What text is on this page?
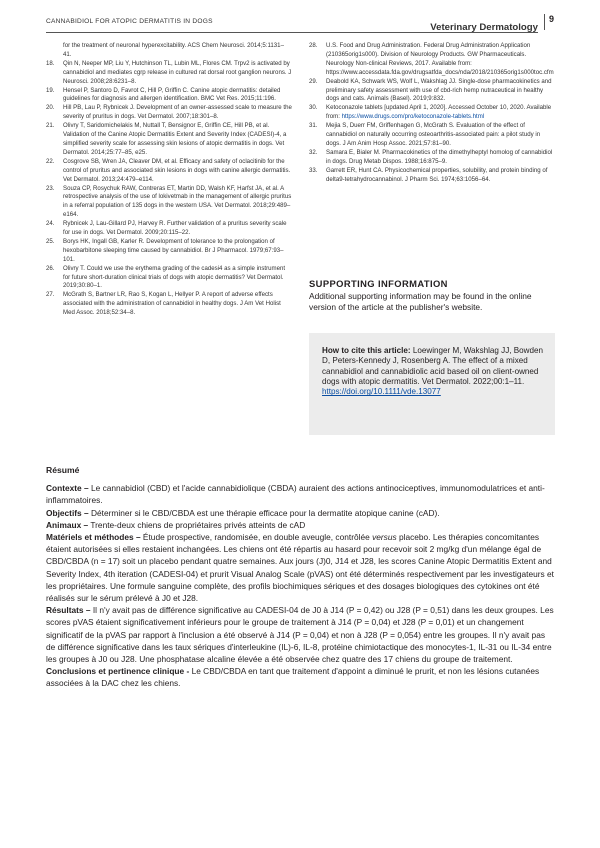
CANNABIDIOL FOR ATOPIC DERMATITIS IN DOGS
Veterinary Dermatology
9
for the treatment of neuronal hyperexcitability. ACS Chem Neurosci. 2014;5:1131–41.
18. Qin N, Neeper MP, Liu Y, Hutchinson TL, Lubin ML, Flores CM. Trpv2 is activated by cannabidiol and mediates cgrp release in cultured rat dorsal root ganglion neurons. J Neurosci. 2008;28:6231–8.
19. Hensel P, Santoro D, Favrot C, Hill P, Griffin C. Canine atopic dermatitis: detailed guidelines for diagnosis and allergen identification. BMC Vet Res. 2015;11:196.
20. Hill PB, Lau P, Rybnicek J. Development of an owner-assessed scale to measure the severity of pruritus in dogs. Vet Dermatol. 2007;18:301–8.
21. Olivry T, Saridomichelakis M, Nuttall T, Bensignor E, Griffin CE, Hill PB, et al. Validation of the Canine Atopic Dermatitis Extent and Severity Index (CADESI)-4, a simplified severity scale for assessing skin lesions of atopic dermatitis in dogs. Vet Dermatol. 2014;25:77–85, e25.
22. Cosgrove SB, Wren JA, Cleaver DM, et al. Efficacy and safety of oclacitinib for the control of pruritus and associated skin lesions in dogs with canine allergic dermatitis. Vet Dermatol. 2013;24:479–e114.
23. Souza CP, Rosychuk RAW, Contreras ET, Martin DD, Walsh KF, Harfst JA, et al. A retrospective analysis of the use of lokivetmab in the management of allergic pruritus in a referral population of 135 dogs in the western USA. Vet Dermatol. 2018;29:489–e164.
24. Rybnicek J, Lau-Gillard PJ, Harvey R. Further validation of a pruritus severity scale for use in dogs. Vet Dermatol. 2009;20:115–22.
25. Borys HK, Ingall GB, Karler R. Development of tolerance to the prolongation of hexobarbitone sleeping time caused by cannabidiol. Br J Pharmacol. 1979;67:93–101.
26. Olivry T. Could we use the erythema grading of the cadesi4 as a simple instrument for future short-duration clinical trials of dogs with atopic dermatitis? Vet Dermatol. 2019;30:80–1.
27. McGrath S, Bartner LR, Rao S, Kogan L, Hellyer P. A report of adverse effects associated with the administration of cannabidiol in healthy dogs. J Am Vet Holist Med Assoc. 2018;52:34–8.
28. U.S. Food and Drug Administration. Federal Drug Administration Application (210365orig1s000). Division of Neurology Products. GW Pharmaceuticals. Neurology Non-clinical Reviews, 2017. Available from: https://www.accessdata.fda.gov/drugsatfda_docs/nda/2018/210365orig1s000toc.cfm
29. Deabold KA, Schwark WS, Wolf L, Wakshlag JJ. Single-dose pharmacokinetics and preliminary safety assessment with use of cbd-rich hemp nutraceutical in healthy dogs and cats. Animals (Basel). 2019;9:832.
30. Ketoconazole tablets [updated April 1, 2020]. Accessed October 10, 2020. Available from: https://www.drugs.com/pro/ketoconazole-tablets.html
31. Mejia S, Duerr FM, Griffenhagen G, McGrath S. Evaluation of the effect of cannabidiol on naturally occurring osteoarthritis-associated pain: a pilot study in dogs. J Am Anim Hosp Assoc. 2021;57:81–90.
32. Samara E, Bialer M. Pharmacokinetics of the dimethylheptyl homolog of cannabidiol in dogs. Drug Metab Dispos. 1988;16:875–9.
33. Garrett ER, Hunt CA. Physicochemical properties, solubility, and protein binding of delta9-tetrahydrocannabinol. J Pharm Sci. 1974;63:1056–64.
SUPPORTING INFORMATION
Additional supporting information may be found in the online version of the article at the publisher's website.
How to cite this article: Loewinger M, Wakshlag JJ, Bowden D, Peters-Kennedy J, Rosenberg A. The effect of a mixed cannabidiol and cannabidiolic acid based oil on client-owned dogs with atopic dermatitis. Vet Dermatol. 2022;00:1–11. https://doi.org/10.1111/vde.13077
Résumé

Contexte – Le cannabidiol (CBD) et l'acide cannabidiolique (CBDA) auraient des actions antinociceptives, immunomodulatrices et anti-inflammatoires.

Objectifs – Déterminer si le CBD/CBDA est une thérapie efficace pour la dermatite atopique canine (cAD).

Animaux – Trente-deux chiens de propriétaires privés atteints de cAD

Matériels et méthodes – Étude prospective, randomisée, en double aveugle, contrôlée versus placebo. Les thérapies concomitantes étaient autorisées si elles restaient inchangées. Les chiens ont été répartis au hasard pour recevoir soit 2 mg/kg d'un mélange égal de CBD/CBDA (n = 17) soit un placebo pendant quatre semaines. Aux jours (J)0, J14 et J28, les scores Canine Atopic Dermatitis Extent and Severity Index, 4th iteration (CADESI-04) et prurit Visual Analog Scale (pVAS) ont été déterminés respectivement par les investigateurs et les propriétaires. Une formule sanguine complète, des profils biochimiques sériques et des dosages biologiques des cytokines ont été réalisés sur le sérum prélevé à J0 et J28.

Résultats – Il n'y avait pas de différence significative au CADESI-04 de J0 à J14 (P = 0,42) ou J28 (P = 0,51) dans les deux groupes. Les scores pVAS étaient significativement inférieurs pour le groupe de traitement à J14 (P = 0,04) et J28 (P = 0,01) et un changement significatif de la pVAS par rapport à l'inclusion a été observé à J14 (P = 0,04) et non à J28 (P = 0,054) entre les groupes. Il n'y avait pas de différence significative dans les taux sériques d'interleukine (IL)-6, IL-8, protéine chimiotactique des monocytes-1, IL-31 ou IL-34 entre les groupes à J0 ou J28. Une phosphatase alcaline élevée a été observée chez quatre des 17 chiens du groupe de traitement.

Conclusions et pertinence clinique - Le CBD/CBDA en tant que traitement d'appoint a diminué le prurit, et non les lésions cutanées associées à la DAC chez les chiens.
